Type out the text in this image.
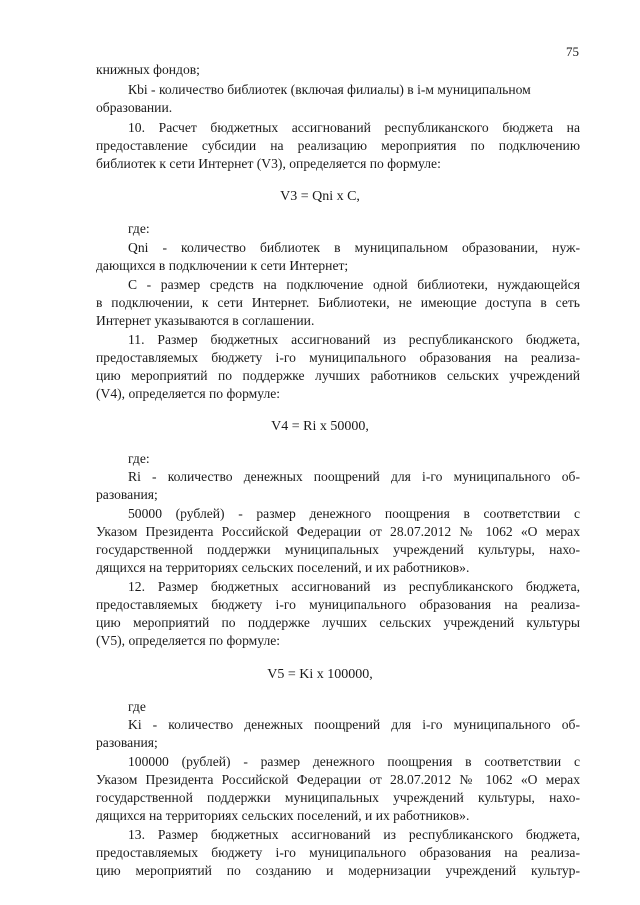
75
книжных фондов;
Кbi - количество библиотек (включая филиалы) в i-м муниципальном
образовании.
10. Расчет бюджетных ассигнований республиканского бюджета на
предоставление субсидии на реализацию мероприятия по подключению
библиотек к сети Интернет (V3), определяется по формуле:
где:
Qni - количество библиотек в муниципальном образовании, нуж-
дающихся в подключении к сети Интернет;
С - размер средств на подключение одной библиотеки, нуждающейся
в подключении, к сети Интернет. Библиотеки, не имеющие доступа в сеть
Интернет указываются в соглашении.
11. Размер бюджетных ассигнований из республиканского бюджета,
предоставляемых бюджету i-го муниципального образования на реализа-
цию мероприятий по поддержке лучших работников сельских учреждений
(V4), определяется по формуле:
где:
Ri - количество денежных поощрений для i-го муниципального об-
разования;
50000 (рублей) - размер денежного поощрения в соответствии с
Указом Президента Российской Федерации от 28.07.2012 № 1062 «О мерах
государственной поддержки муниципальных учреждений культуры, нахо-
дящихся на территориях сельских поселений, и их работников».
12. Размер бюджетных ассигнований из республиканского бюджета,
предоставляемых бюджету i-го муниципального образования на реализа-
цию мероприятий по поддержке лучших сельских учреждений культуры
(V5), определяется по формуле:
где
Ki - количество денежных поощрений для i-го муниципального об-
разования;
100000 (рублей) - размер денежного поощрения в соответствии с
Указом Президента Российской Федерации от 28.07.2012 № 1062 «О мерах
государственной поддержки муниципальных учреждений культуры, нахо-
дящихся на территориях сельских поселений, и их работников».
13. Размер бюджетных ассигнований из республиканского бюджета,
предоставляемых бюджету i-го муниципального образования на реализа-
цию мероприятий по созданию и модернизации учреждений культур-
V3 = Qni x C,
V4 = Ri x 50000,
V5 = Ki x 100000,
